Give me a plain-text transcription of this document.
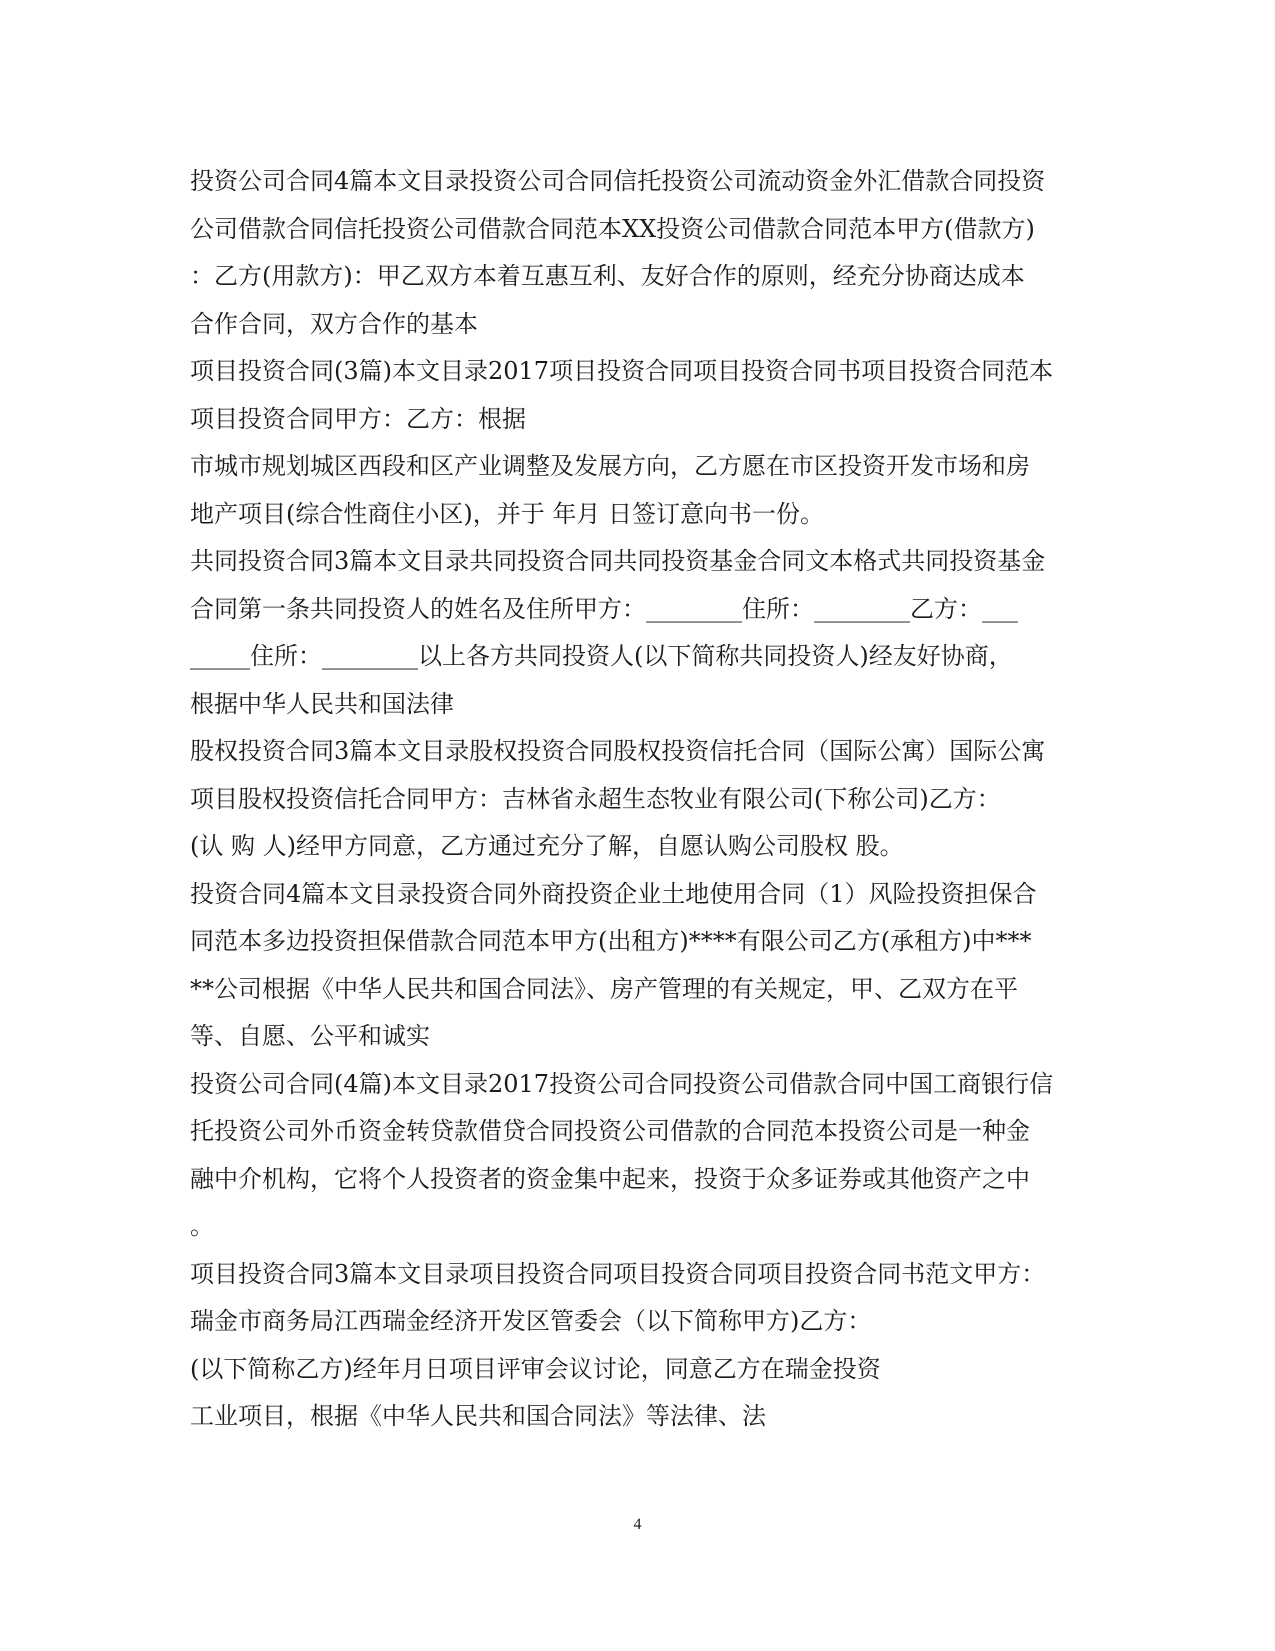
投资公司合同4篇本文目录投资公司合同信托投资公司流动资金外汇借款合同投资
公司借款合同信托投资公司借款合同范本XX投资公司借款合同范本甲方(借款方)
：乙方(用款方)：甲乙双方本着互惠互利、友好合作的原则，经充分协商达成本
合作合同，双方合作的基本
项目投资合同(3篇)本文目录2017项目投资合同项目投资合同书项目投资合同范本
项目投资合同甲方：乙方：根据
市城市规划城区西段和区产业调整及发展方向，乙方愿在市区投资开发市场和房
地产项目(综合性商住小区)，并于 年月 日签订意向书一份。
共同投资合同3篇本文目录共同投资合同共同投资基金合同文本格式共同投资基金
合同第一条共同投资人的姓名及住所甲方：________住所：________乙方：___
_____住所：________以上各方共同投资人(以下简称共同投资人)经友好协商，
根据中华人民共和国法律
股权投资合同3篇本文目录股权投资合同股权投资信托合同（国际公寓）国际公寓
项目股权投资信托合同甲方：吉林省永超生态牧业有限公司(下称公司)乙方：
(认 购 人)经甲方同意，乙方通过充分了解，自愿认购公司股权 股。
投资合同4篇本文目录投资合同外商投资企业土地使用合同（1）风险投资担保合
同范本多边投资担保借款合同范本甲方(出租方)****有限公司乙方(承租方)中***
**公司根据《中华人民共和国合同法》、房产管理的有关规定，甲、乙双方在平
等、自愿、公平和诚实
投资公司合同(4篇)本文目录2017投资公司合同投资公司借款合同中国工商银行信
托投资公司外币资金转贷款借贷合同投资公司借款的合同范本投资公司是一种金
融中介机构，它将个人投资者的资金集中起来，投资于众多证券或其他资产之中
。
项目投资合同3篇本文目录项目投资合同项目投资合同项目投资合同书范文甲方：
瑞金市商务局江西瑞金经济开发区管委会（以下简称甲方)乙方：
(以下简称乙方)经年月日项目评审会议讨论，同意乙方在瑞金投资
工业项目，根据《中华人民共和国合同法》等法律、法
4
